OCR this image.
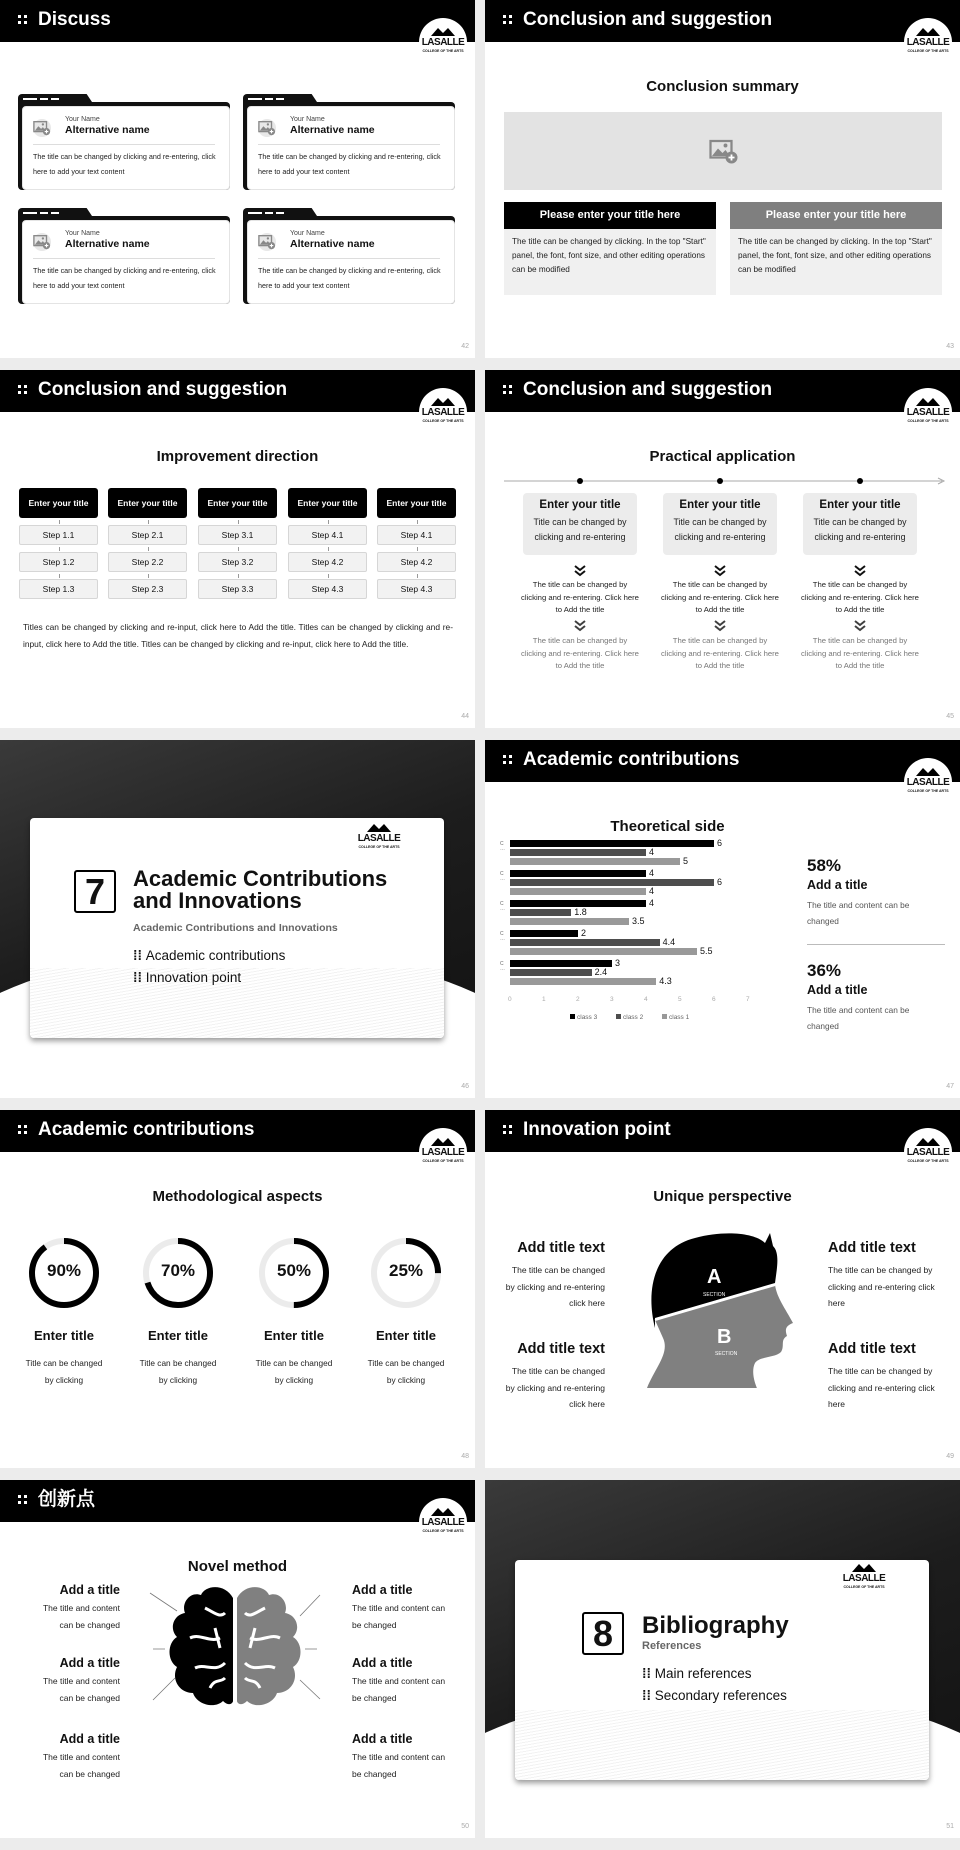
Discuss
LASALLE
COLLEGE OF THE ARTS
Your Name
Alternative name
The title can be changed by clicking and re-entering, click here to add your text content
Your Name
Alternative name
The title can be changed by clicking and re-entering, click here to add your text content
Your Name
Alternative name
The title can be changed by clicking and re-entering, click here to add your text content
Your Name
Alternative name
The title can be changed by clicking and re-entering, click here to add your text content
42
Conclusion and suggestion
LASALLE
COLLEGE OF THE ARTS
Conclusion summary
Please enter your title here
The title can be changed by clicking. In the top "Start" panel, the font, font size, and other editing operations can be modified
Please enter your title here
The title can be changed by clicking. In the top "Start" panel, the font, font size, and other editing operations can be modified
43
Conclusion and suggestion
LASALLE
COLLEGE OF THE ARTS
Improvement direction
Enter your title
Step 1.1
Step 1.2
Step 1.3
Enter your title
Step 2.1
Step 2.2
Step 2.3
Enter your title
Step 3.1
Step 3.2
Step 3.3
Enter your title
Step 4.1
Step 4.2
Step 4.3
Enter your title
Step 4.1
Step 4.2
Step 4.3
Titles can be changed by clicking and re-input, click here to Add the title. Titles can be changed by clicking and re-input, click here to Add the title. Titles can be changed by clicking and re-input, click here to Add the title.
44
Conclusion and suggestion
LASALLE
COLLEGE OF THE ARTS
Practical application
Enter your title
Title can be changed by clicking and re-entering
Enter your title
Title can be changed by clicking and re-entering
Enter your title
Title can be changed by clicking and re-entering
The title can be changed by clicking and re-entering. Click here to Add the title
The title can be changed by clicking and re-entering. Click here to Add the title
The title can be changed by clicking and re-entering. Click here to Add the title
The title can be changed by clicking and re-entering. Click here to Add the title
The title can be changed by clicking and re-entering. Click here to Add the title
The title can be changed by clicking and re-entering. Click here to Add the title
45
LASALLE
COLLEGE OF THE ARTS
7	Academic Contributions
and Innovations
Academic Contributions and Innovations
⁞⁞ Academic contributions
⁞⁞ Innovation point
46
Academic contributions
LASALLE
COLLEGE OF THE ARTS
Theoretical side
C
…
6
4
5
C
…
4
6
4
C
…
4
1.8
3.5
C
…
2
4.4
5.5
C
…
3
2.4
4.3
0	1	2	3	4	5	6	7
class 3	class 2	class 1
58%
Add a title
The title and content can be changed
36%
Add a title
The title and content can be changed
47
Academic contributions
LASALLE
COLLEGE OF THE ARTS
Methodological aspects
90%
Enter title
Title can be changed by clicking
70%
Enter title
Title can be changed by clicking
50%
Enter title
Title can be changed by clicking
25%
Enter title
Title can be changed by clicking
48
Innovation point
LASALLE
COLLEGE OF THE ARTS
Unique perspective
A
SECTION
B
SECTION
Add title text
The title can be changed by clicking and re-entering click here
Add title text
The title can be changed by clicking and re-entering click here
Add title text
The title can be changed by clicking and re-entering click here
Add title text
The title can be changed by clicking and re-entering click here
49
创新点
LASALLE
COLLEGE OF THE ARTS
Novel method
Add a title
The title and content can be changed
Add a title
The title and content can be changed
Add a title
The title and content can be changed
Add a title
The title and content can be changed
Add a title
The title and content can be changed
Add a title
The title and content can be changed
50
LASALLE
COLLEGE OF THE ARTS
8	Bibliography
References
⁞⁞ Main references
⁞⁞ Secondary references
51
